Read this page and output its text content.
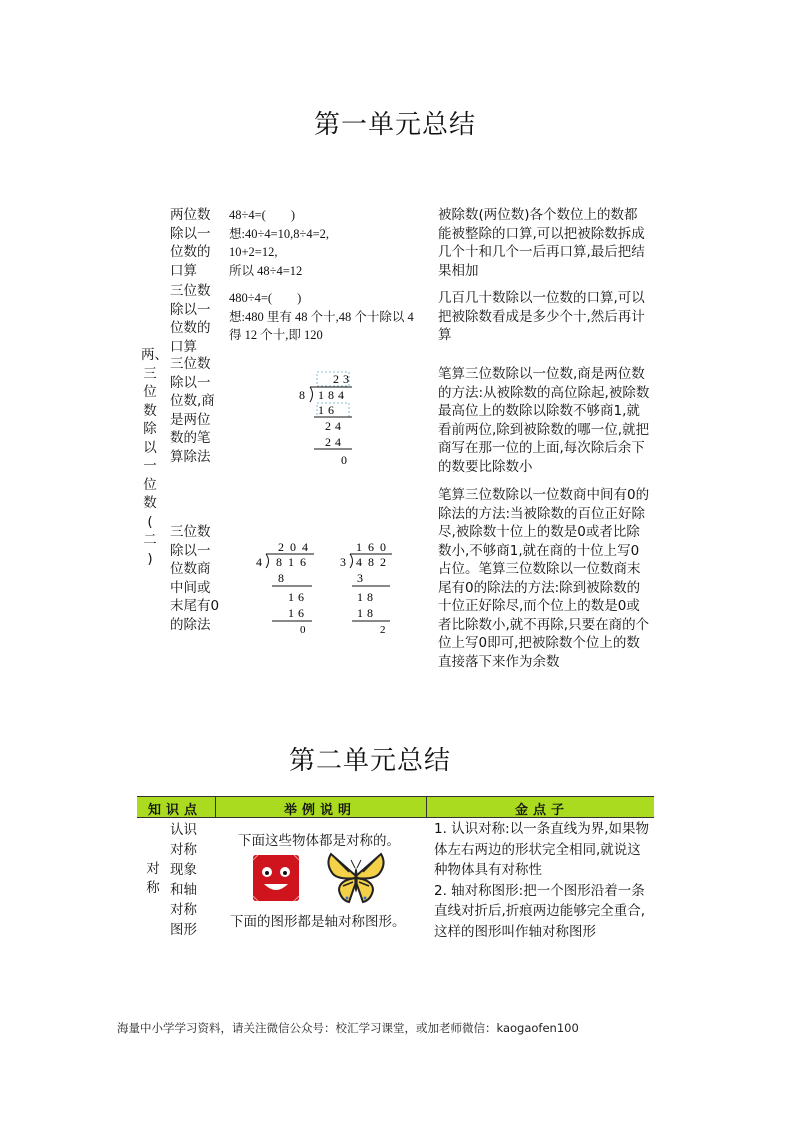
第一单元总结
两、
三
位
数
除
以
一
位
数
(
二
)
两位数除以一位数的口算
48÷4=(　　)
想:40÷4=10,8÷4=2,
10+2=12,
所以 48÷4=12
被除数(两位数)各个数位上的数都能被整除的口算,可以把被除数拆成几个十和几个一后再口算,最后把结果相加
三位数除以一位数的口算
480÷4=(　　)
想:480 里有 48 个十,48 个十除以 4 得 12 个十,即 120
几百几十数除以一位数的口算,可以把被除数看成是多少个十,然后再计算
三位数除以一位数,商是两位数的笔算除法
23
8 184
16
24
24
0
笔算三位数除以一位数,商是两位数的方法:从被除数的高位除起,被除数最高位上的数除以除数不够商1,就看前两位,除到被除数的哪一位,就把商写在那一位的上面,每次除后余下的数要比除数小
三位数除以一位数商中间或末尾有0的除法
204
4 816
8
16
16
0
160
3 482
3
18
18
2
笔算三位数除以一位数商中间有0的除法的方法:当被除数的百位正好除尽,被除数十位上的数是0或者比除数小,不够商1,就在商的十位上写0占位。笔算三位数除以一位数商末尾有0的除法的方法:除到被除数的十位正好除尽,而个位上的数是0或者比除数小,就不再除,只要在商的个位上写0即可,把被除数个位上的数直接落下来作为余数
第二单元总结
知识点	举例说明	金点子
对
称
认识对称现象和轴对称图形
下面这些物体都是对称的。
下面的图形都是轴对称图形。
1. 认识对称:以一条直线为界,如果物体左右两边的形状完全相同,就说这种物体具有对称性
2. 轴对称图形:把一个图形沿着一条直线对折后,折痕两边能够完全重合,这样的图形叫作轴对称图形
海量中小学学习资料，请关注微信公众号：校汇学习课堂，或加老师微信：kaogaofen100
